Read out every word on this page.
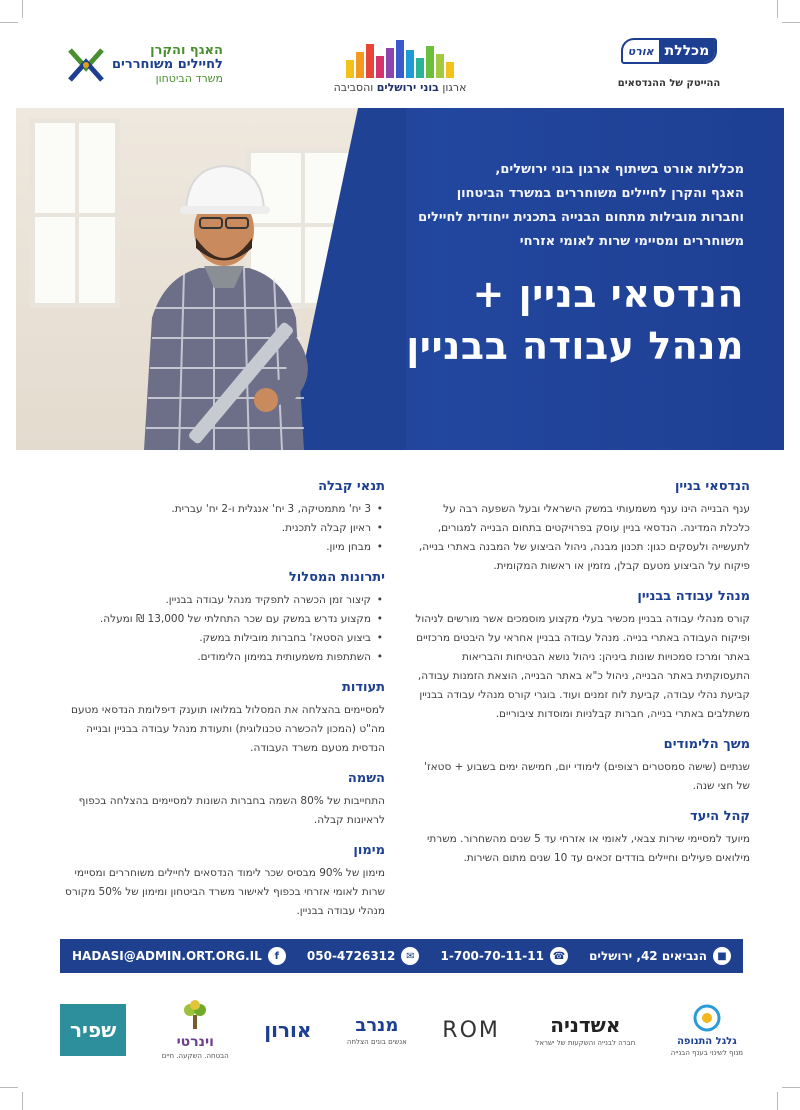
מכללת
אורט
ההייטק של ההנדסאים
ארגון בוני ירושלים והסביבה
האגף והקרן
לחיילים משוחררים
משרד הביטחון
מכללות אורט בשיתוף ארגון בוני ירושלים,
האגף והקרן לחיילים משוחררים במשרד הביטחון
וחברות מובילות מתחום הבנייה בתכנית ייחודית לחיילים
משוחררים ומסיימי שרות לאומי אזרחי
הנדסאי בניין +
מנהל עבודה בבניין
הנדסאי בניין

ענף הבנייה הינו ענף משמעותי במשק הישראלי ובעל השפעה רבה על כלכלת המדינה. הנדסאי בניין עוסק בפרויקטים בתחום הבנייה למגורים, לתעשייה ולעסקים כגון: תכנון מבנה, ניהול הביצוע של המבנה באתרי בנייה, פיקוח על הביצוע מטעם קבלן, מזמין או ראשות המקומית.

מנהל עבודה בבניין

קורס מנהלי עבודה בבניין מכשיר בעלי מקצוע מוסמכים אשר מורשים לניהול ופיקוח העבודה באתרי בנייה. מנהל עבודה בבניין אחראי על היבטים מרכזיים באתר ומרכז סמכויות שונות ביניהן: ניהול נושא הבטיחות והבריאות התעסוקתית באתר הבנייה, ניהול כ"א באתר הבנייה, הוצאת הזמנות עבודה, קביעת נהלי עבודה, קביעת לוח זמנים ועוד. בוגרי קורס מנהלי עבודה בבניין משתלבים באתרי בנייה, חברות קבלניות ומוסדות ציבוריים.

משך הלימודים

שנתיים (שישה סמסטרים רצופים) לימודי יום, חמישה ימים בשבוע + סטאז' של חצי שנה.

קהל היעד

מיועד למסיימי שירות צבאי, לאומי או אזרחי עד 5 שנים מהשחרור. משרתי מילואים פעילים וחיילים בודדים זכאים עד 10 שנים מתום השירות.

תנאי קבלה
• 3 יח' מתמטיקה, 3 יח' אנגלית ו-2 יח' עברית.
• ראיון קבלה לתכנית.
• מבחן מיון.
יתרונות המסלול
• קיצור זמן הכשרה לתפקיד מנהל עבודה בבניין.
• מקצוע נדרש במשק עם שכר התחלתי של 13,000 ₪ ומעלה.
• ביצוע הסטאז' בחברות מובילות במשק.
• השתתפות משמעותית במימון הלימודים.
תעודות

למסיימים בהצלחה את המסלול במלואו תוענק דיפלומת הנדסאי מטעם מה"ט (המכון להכשרה טכנולוגית) ותעודת מנהל עבודה בבניין ובנייה הנדסית מטעם משרד העבודה.

השמה

התחייבות של 80% השמה בחברות השונות למסיימים בהצלחה בכפוף לראיונות קבלה.

מימון

מימון של 90% מבסיס שכר לימוד הנדסאים לחיילים משוחררים ומסיימי שרות לאומי אזרחי בכפוף לאישור משרד הביטחון ומימון של 50% מקורס מנהלי עבודה בבניין.

■
הנביאים 42, ירושלים
☎
1-700-70-11-11
✉
050-4726312
f
HADASI@ADMIN.ORT.ORG.IL
גלגל התנופה
מנוף לשינוי בענף הבנייה
אשדניה
חברה לבנייה והשקעות של ישראל
ROM
מנרב
אנשים בונים הצלחה
אורון
וינרטי
הבטחה. השקעה. חיים
שפיר
